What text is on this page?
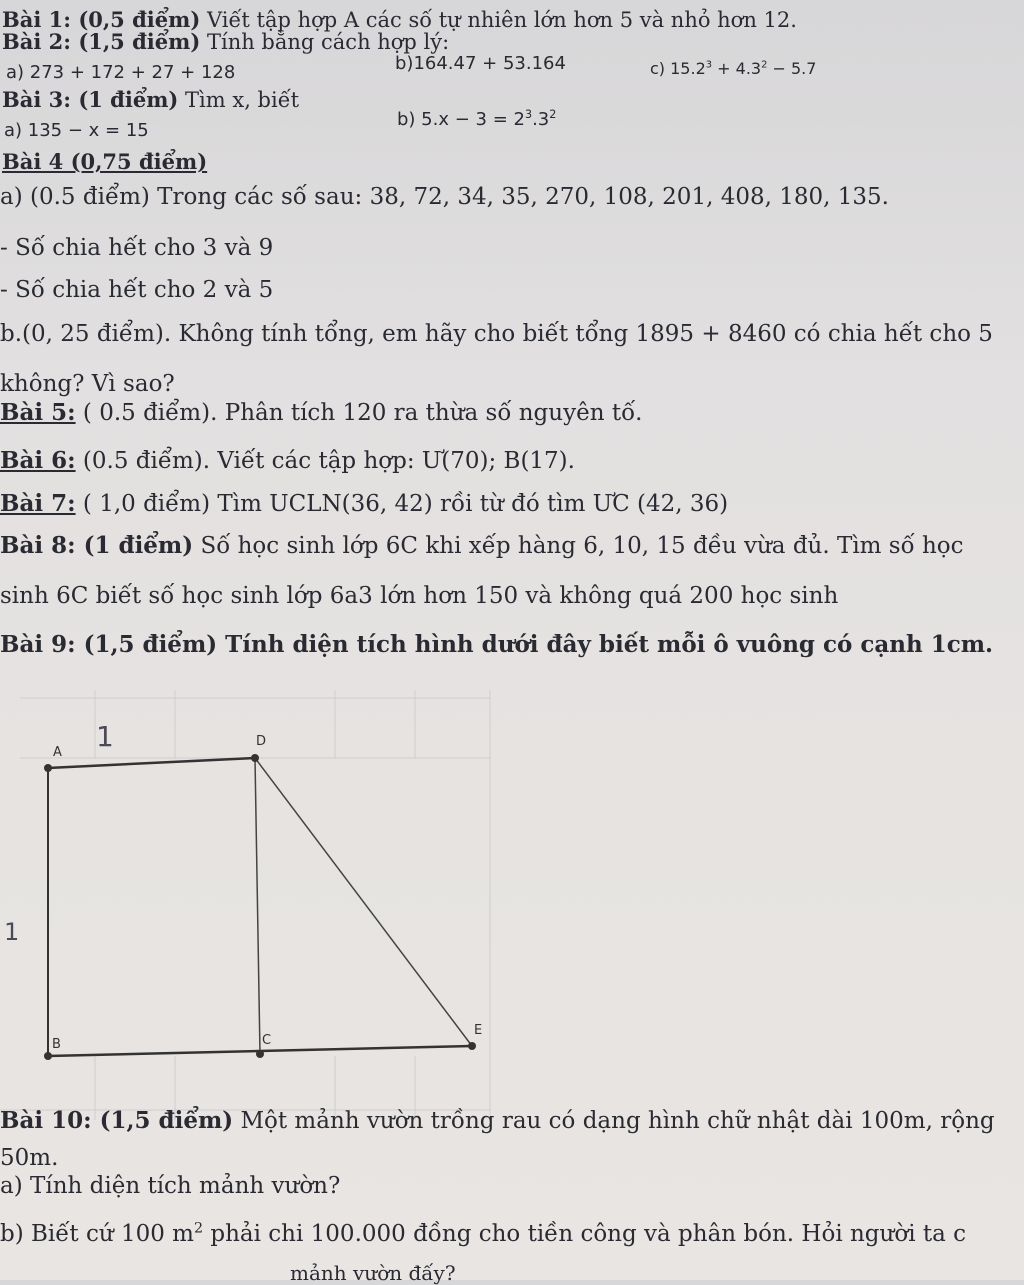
Bài 1: (0,5 điểm) Viết tập hợp A các số tự nhiên lớn hơn 5 và nhỏ hơn 12.
Bài 2: (1,5 điểm) Tính bằng cách hợp lý:
a) 273 + 172 + 27 + 128	b)164.47 + 53.164	c) $15.2^3 + 4.3^2 - 5.7$
Bài 3: (1 điểm) Tìm x, biết
a) 135 − x = 15
b) $5.x - 3 = 2^3.3^2$
Bài 4 (0,75 điểm)
a) (0.5 điểm) Trong các số sau: 38, 72, 34, 35, 270, 108, 201, 408, 180, 135.
- Số chia hết cho 3 và 9
- Số chia hết cho 2 và 5
b.(0, 25 điểm). Không tính tổng, em hãy cho biết tổng 1895 + 8460 có chia hết cho 5
không? Vì sao?
Bài 5: ( 0.5 điểm). Phân tích 120 ra thừa số nguyên tố.
Bài 6: (0.5 điểm). Viết các tập hợp: Ư(70); B(17).
Bài 7: ( 1,0 điểm) Tìm UCLN(36, 42) rồi từ đó tìm ƯC (42, 36)
Bài 8: (1 điểm) Số học sinh lớp 6C khi xếp hàng 6, 10, 15 đều vừa đủ. Tìm số học
sinh 6C biết số học sinh lớp 6a3 lớn hơn 150 và không quá 200 học sinh
Bài 9: (1,5 điểm) Tính diện tích hình dưới đây biết mỗi ô vuông có cạnh 1cm.
A
D
B	C
E
1
1
Bài 10: (1,5 điểm) Một mảnh vườn trồng rau có dạng hình chữ nhật dài 100m, rộng
50m.
a) Tính diện tích mảnh vườn?
b) Biết cứ 100 $m^2$ phải chi 100.000 đồng cho tiền công và phân bón. Hỏi người ta c
mảnh vườn đấy?
